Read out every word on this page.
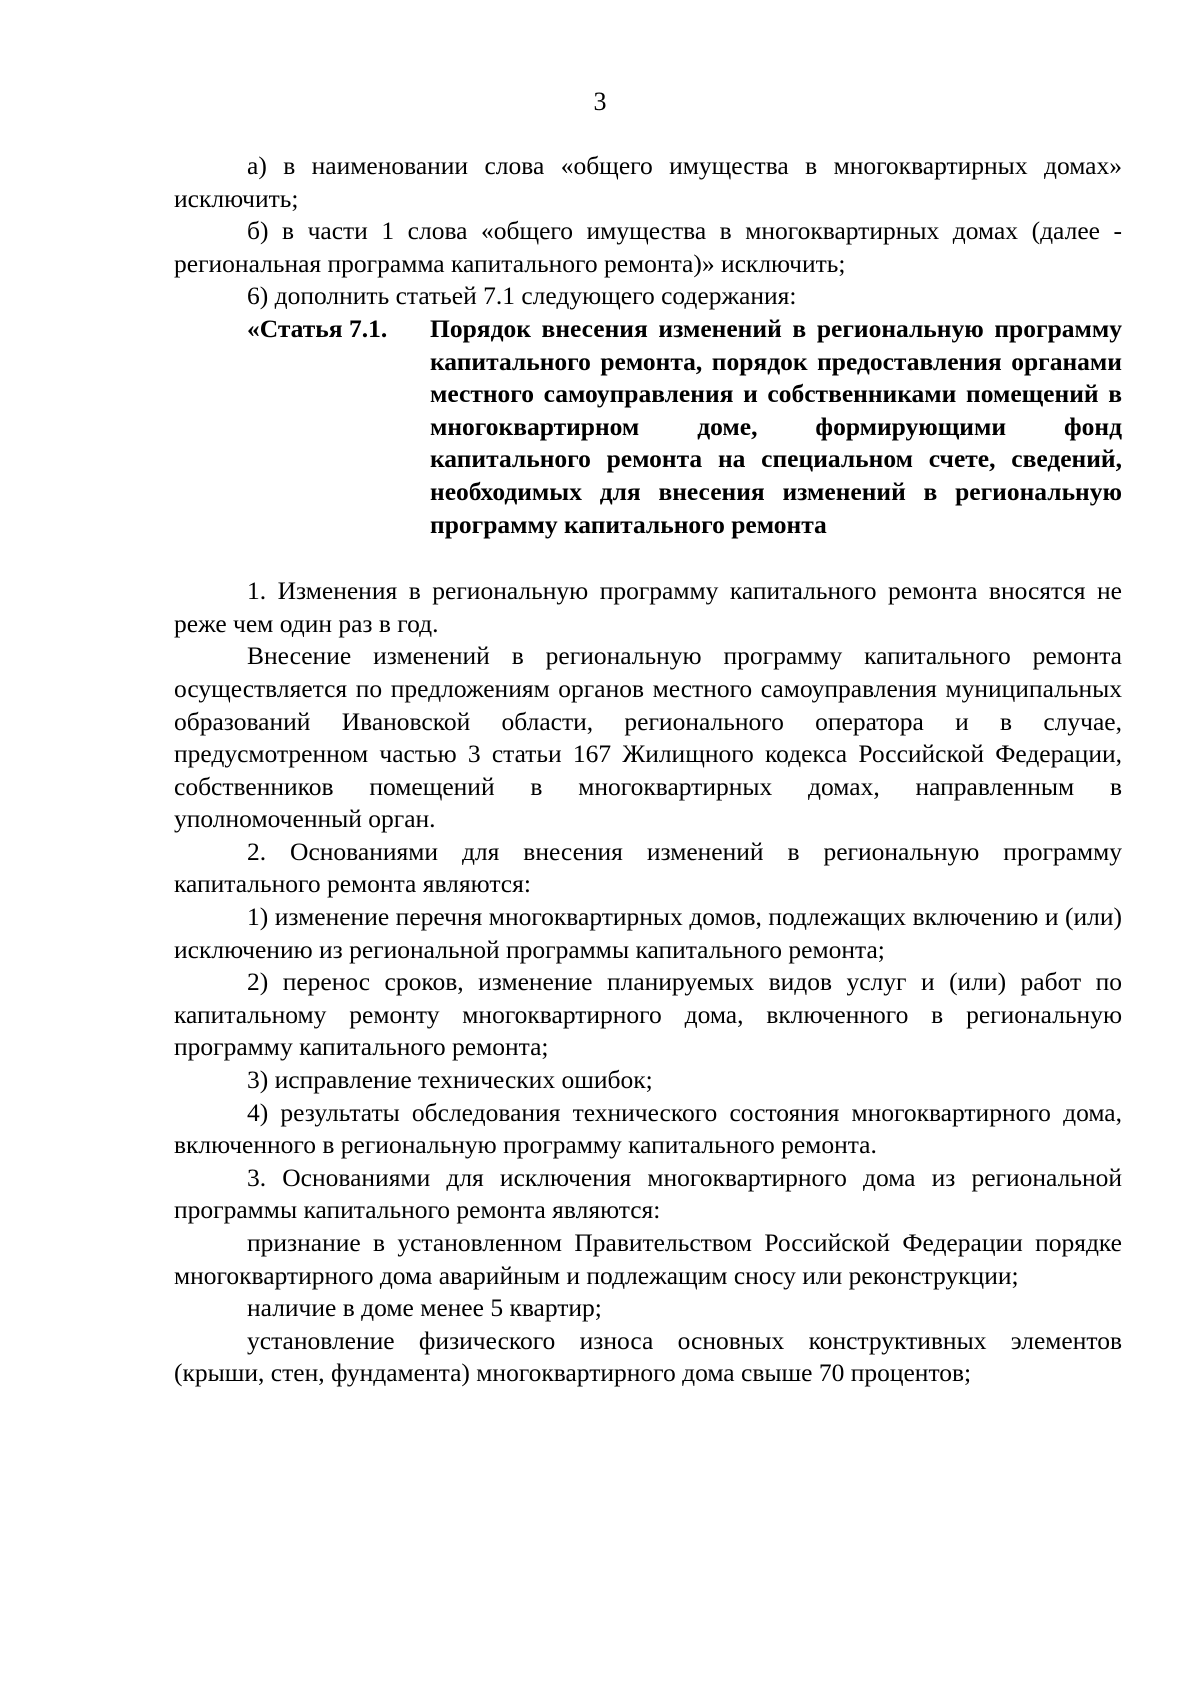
3

а) в наименовании слова «общего имущества в многоквартирных домах» исключить;

б) в части 1 слова «общего имущества в многоквартирных домах (далее - региональная программа капитального ремонта)» исключить;

6) дополнить статьей 7.1 следующего содержания:

«Статья 7.1.	Порядок внесения изменений в региональную программу капитального ремонта, порядок предоставления органами местного самоуправления и собственниками помещений в многоквартирном доме, формирующими фонд капитального ремонта на специальном счете, сведений, необходимых для внесения изменений в региональную программу капитального ремонта

1. Изменения в региональную программу капитального ремонта вносятся не реже чем один раз в год.

Внесение изменений в региональную программу капитального ремонта осуществляется по предложениям органов местного самоуправления муниципальных образований Ивановской области, регионального оператора и в случае, предусмотренном частью 3 статьи 167 Жилищного кодекса Российской Федерации, собственников помещений в многоквартирных домах, направленным в уполномоченный орган.

2. Основаниями для внесения изменений в региональную программу капитального ремонта являются:

1) изменение перечня многоквартирных домов, подлежащих включению и (или) исключению из региональной программы капитального ремонта;

2) перенос сроков, изменение планируемых видов услуг и (или) работ по капитальному ремонту многоквартирного дома, включенного в региональную программу капитального ремонта;

3) исправление технических ошибок;

4) результаты обследования технического состояния многоквартирного дома, включенного в региональную программу капитального ремонта.

3. Основаниями для исключения многоквартирного дома из региональной программы капитального ремонта являются:

признание в установленном Правительством Российской Федерации порядке многоквартирного дома аварийным и подлежащим сносу или реконструкции;

наличие в доме менее 5 квартир;

установление физического износа основных конструктивных элементов (крыши, стен, фундамента) многоквартирного дома свыше 70 процентов;
